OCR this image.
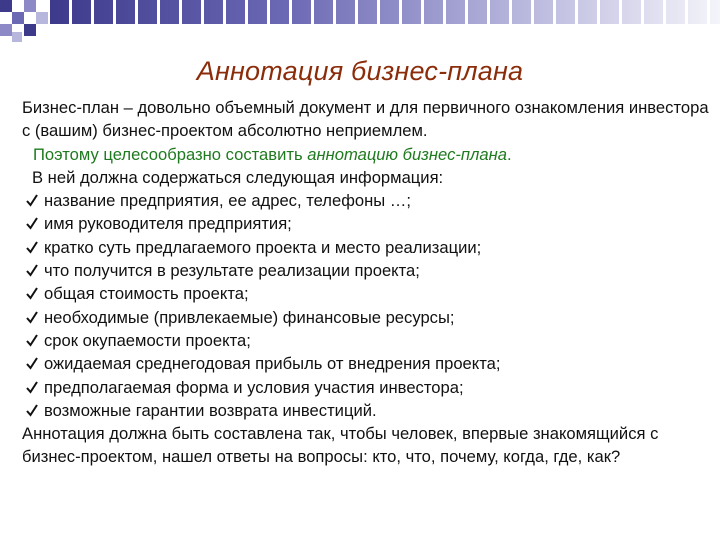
Аннотация бизнес-плана

Бизнес-план – довольно объемный документ и для первичного ознакомления инвестора с (вашим) бизнес-проектом абсолютно неприемлем.

Поэтому целесообразно составить аннотацию бизнес-плана.

В ней должна содержаться следующая информация:

название предприятия, ее адрес, телефоны …;
имя руководителя предприятия;
кратко суть предлагаемого проекта и место реализации;
что получится в результате реализации проекта;
общая стоимость проекта;
необходимые (привлекаемые) финансовые ресурсы;
срок окупаемости проекта;
ожидаемая среднегодовая прибыль от внедрения проекта;
предполагаемая форма и условия участия инвестора;
возможные гарантии возврата инвестиций.

Аннотация должна быть составлена так, чтобы человек, впервые знакомящийся с бизнес-проектом, нашел ответы на вопросы: кто, что, почему, когда, где, как?
